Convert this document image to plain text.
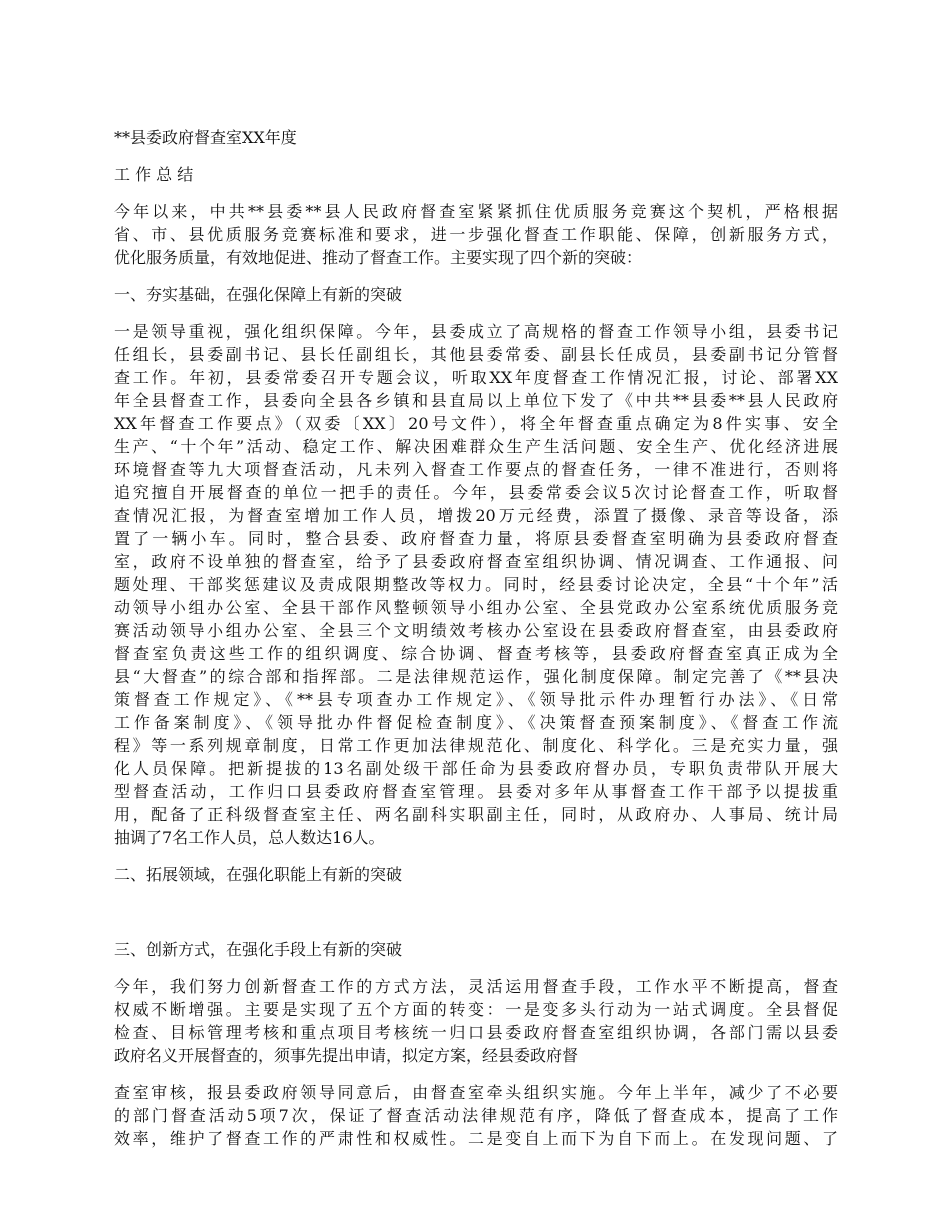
**县委政府督查室XX年度
工 作 总 结
今年以来，中共**县委**县人民政府督查室紧紧抓住优质服务竞赛这个契机，严格根据
省、市、县优质服务竞赛标准和要求，进一步强化督查工作职能、保障，创新服务方式，
优化服务质量，有效地促进、推动了督查工作。主要实现了四个新的突破：
一、夯实基础，在强化保障上有新的突破
一是领导重视，强化组织保障。今年，县委成立了高规格的督查工作领导小组，县委书记
任组长，县委副书记、县长任副组长，其他县委常委、副县长任成员，县委副书记分管督
查工作。年初，县委常委召开专题会议，听取XX年度督查工作情况汇报，讨论、部署XX
年全县督查工作，县委向全县各乡镇和县直局以上单位下发了《中共**县委**县人民政府
XX年督查工作要点》（双委〔XX〕20号文件），将全年督查重点确定为8件实事、安全
生产、“十个年”活动、稳定工作、解决困难群众生产生活问题、安全生产、优化经济进展
环境督查等九大项督查活动，凡未列入督查工作要点的督查任务，一律不准进行，否则将
追究擅自开展督查的单位一把手的责任。今年，县委常委会议5次讨论督查工作，听取督
查情况汇报，为督查室增加工作人员，增拨20万元经费，添置了摄像、录音等设备，添
置了一辆小车。同时，整合县委、政府督查力量，将原县委督查室明确为县委政府督查
室，政府不设单独的督查室，给予了县委政府督查室组织协调、情况调查、工作通报、问
题处理、干部奖惩建议及责成限期整改等权力。同时，经县委讨论决定，全县“十个年”活
动领导小组办公室、全县干部作风整顿领导小组办公室、全县党政办公室系统优质服务竞
赛活动领导小组办公室、全县三个文明绩效考核办公室设在县委政府督查室，由县委政府
督查室负责这些工作的组织调度、综合协调、督查考核等，县委政府督查室真正成为全
县“大督查”的综合部和指挥部。二是法律规范运作，强化制度保障。制定完善了《**县决
策督查工作规定》、《**县专项查办工作规定》、《领导批示件办理暂行办法》、《日常
工作备案制度》、《领导批办件督促检查制度》、《决策督查预案制度》、《督查工作流
程》等一系列规章制度，日常工作更加法律规范化、制度化、科学化。三是充实力量，强
化人员保障。把新提拔的13名副处级干部任命为县委政府督办员，专职负责带队开展大
型督查活动，工作归口县委政府督查室管理。县委对多年从事督查工作干部予以提拔重
用，配备了正科级督查室主任、两名副科实职副主任，同时，从政府办、人事局、统计局
抽调了7名工作人员，总人数达16人。
二、拓展领域，在强化职能上有新的突破
三、创新方式，在强化手段上有新的突破
今年，我们努力创新督查工作的方式方法，灵活运用督查手段，工作水平不断提高，督查
权威不断增强。主要是实现了五个方面的转变：一是变多头行动为一站式调度。全县督促
检查、目标管理考核和重点项目考核统一归口县委政府督查室组织协调，各部门需以县委
政府名义开展督查的，须事先提出申请，拟定方案，经县委政府督
查室审核，报县委政府领导同意后，由督查室牵头组织实施。今年上半年，减少了不必要
的部门督查活动5项7次，保证了督查活动法律规范有序，降低了督查成本，提高了工作
效率，维护了督查工作的严肃性和权威性。二是变自上而下为自下而上。在发现问题、了
